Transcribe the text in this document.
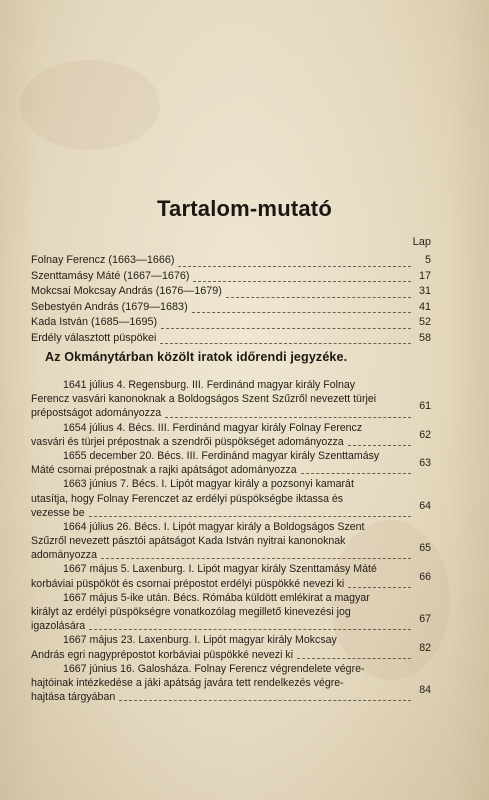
Tartalom-mutató
Lap
Folnay Ferencz (1663—1666)	5
Szenttamásy Máté (1667—1676)	17
Mokcsai Mokcsay András (1676—1679)	31
Sebestyén András (1679—1683)	41
Kada István (1685—1695)	52
Erdély választott püspökei	58
Az Okmánytárban közölt iratok időrendi jegyzéke.
1641 július 4. Regensburg. III. Ferdinánd magyar király Folnay
Ferencz vasvári kanonoknak a Boldogságos Szent Szűzről nevezett türjei
prépostságot adományozza
61
1654 július 4. Bécs. III. Ferdinánd magyar király Folnay Ferencz
vasvári és türjei prépostnak a szendrői püspökséget adományozza
62
1655 december 20. Bécs. III. Ferdinánd magyar király Szenttamásy
Máté csornai prépostnak a rajki apátságot adományozza
63
1663 június 7. Bécs. I. Lipót magyar király a pozsonyi kamarát
utasítja, hogy Folnay Ferenczet az erdélyi püspökségbe iktassa és
vezesse be
64
1664 július 26. Bécs. I. Lipót magyar király a Boldogságos Szent
Szűzről nevezett pásztói apátságot Kada István nyitrai kanonoknak
adományozza
65
1667 május 5. Laxenburg. I. Lipót magyar király Szenttamásy Máté
korbáviai püspököt és csornai prépostot erdélyi püspökké nevezi ki
66
1667 május 5-ike után. Bécs. Rómába küldött emlékirat a magyar
királyt az erdélyi püspökségre vonatkozólag megillető kinevezési jog
igazolására
67
1667 május 23. Laxenburg. I. Lipót magyar király Mokcsay
András egri nagyprépostot korbáviai püspökké nevezi ki
82
1667 június 16. Galosháza. Folnay Ferencz végrendelete végre-
hajtóinak intézkedése a jáki apátság javára tett rendelkezés végre-
hajtása tárgyában
84
